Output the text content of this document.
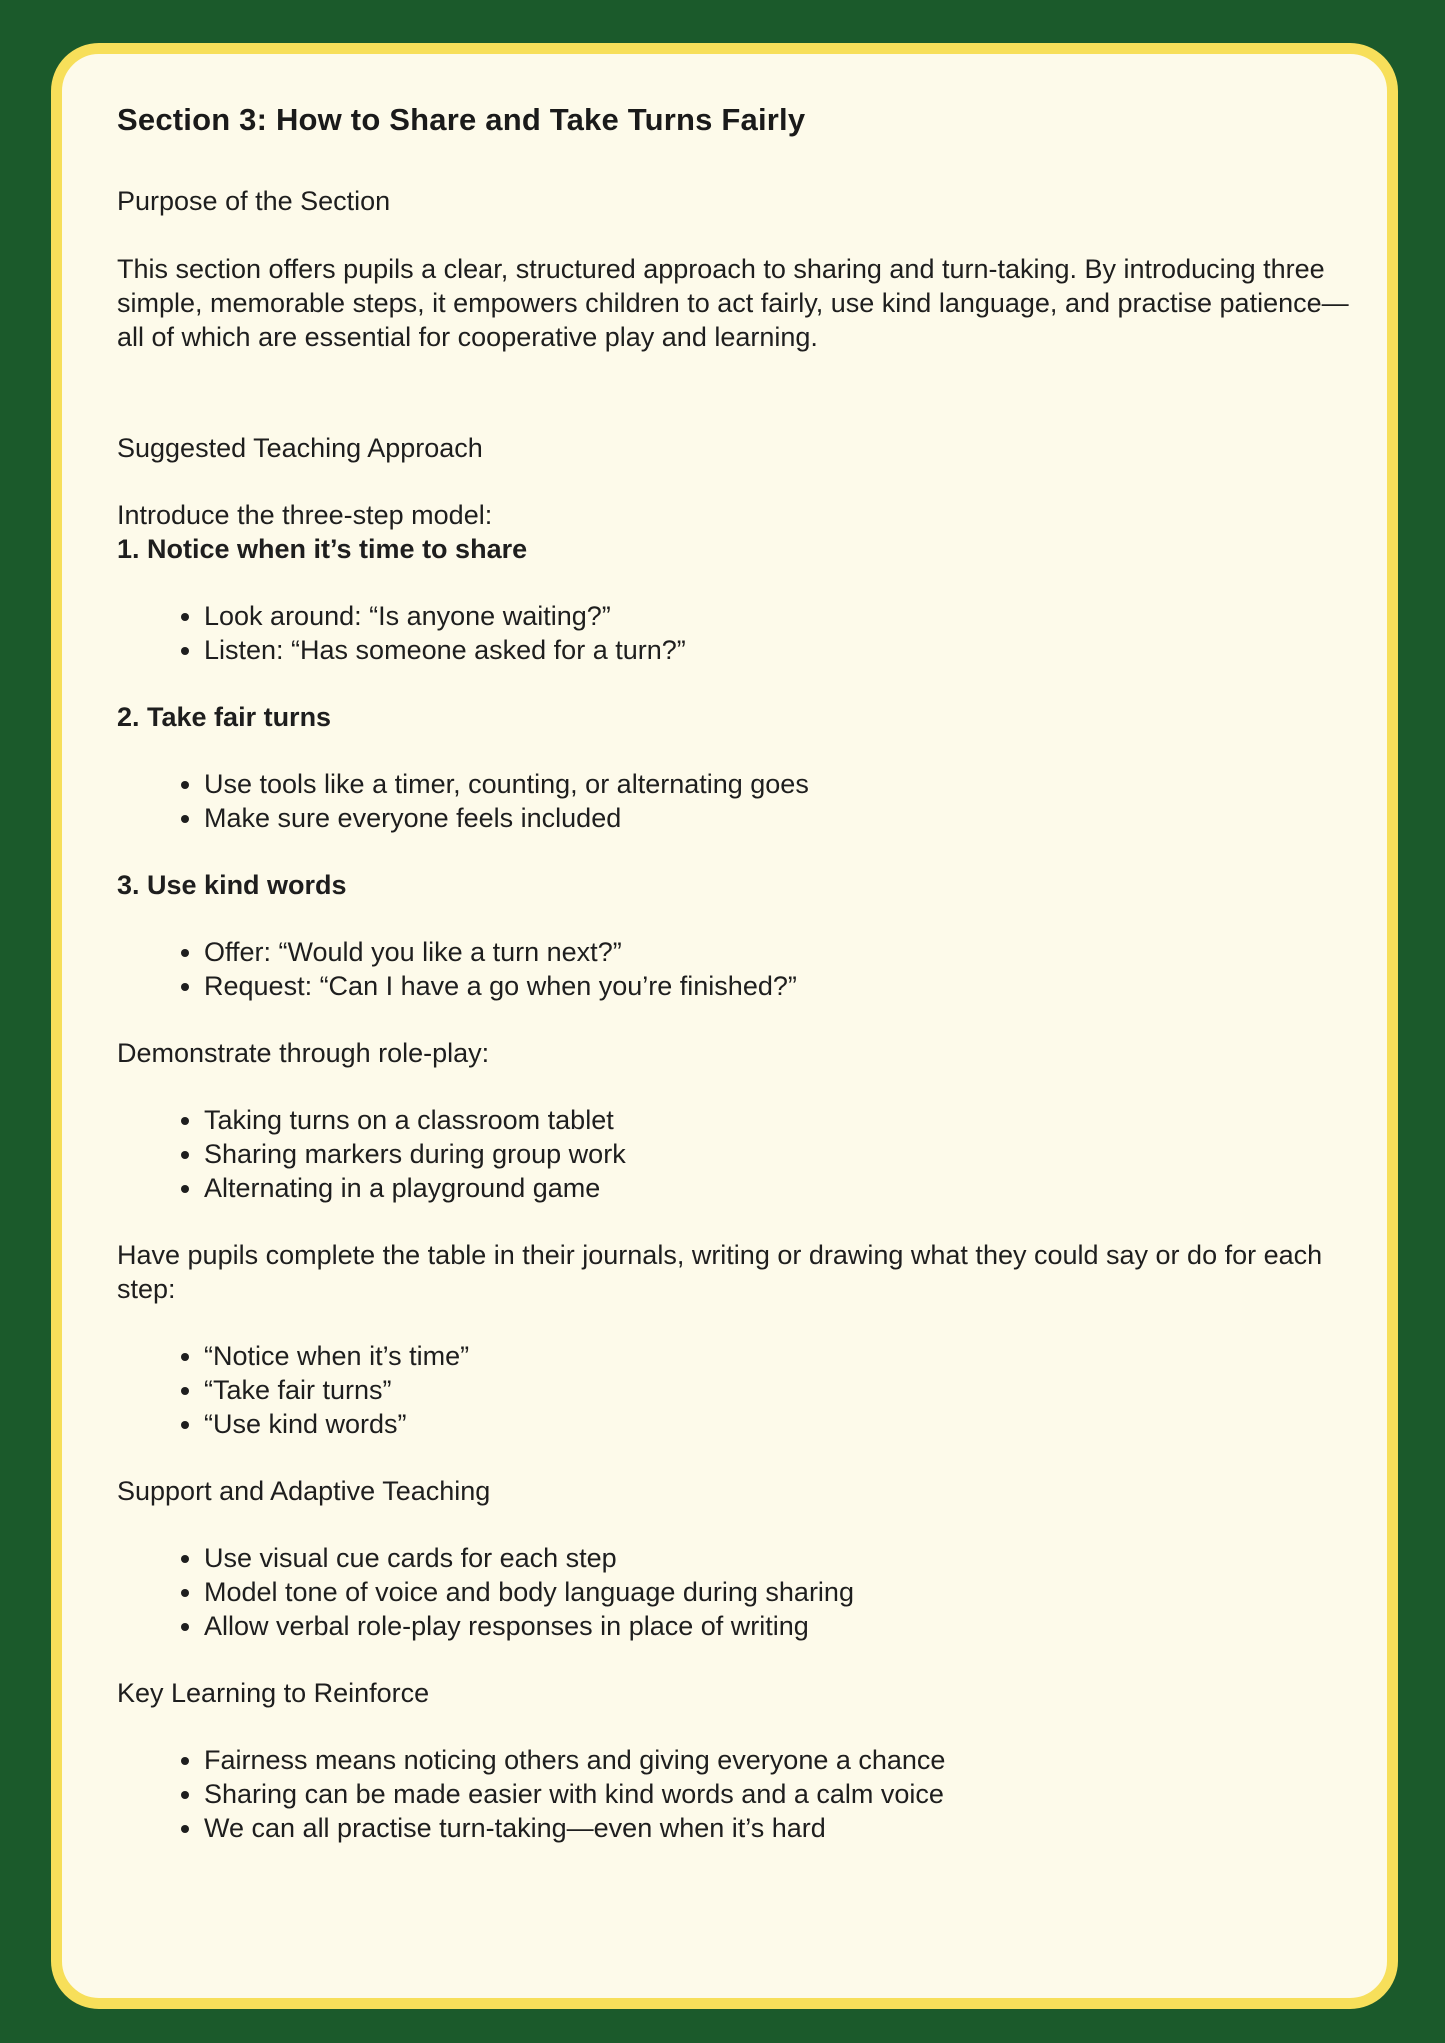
Section 3: How to Share and Take Turns Fairly

Purpose of the Section

This section offers pupils a clear, structured approach to sharing and turn-taking. By introducing three simple, memorable steps, it empowers children to act fairly, use kind language, and practise patience—all of which are essential for cooperative play and learning.

Suggested Teaching Approach

Introduce the three-step model:

1. Notice when it’s time to share

• Look around: “Is anyone waiting?”
• Listen: “Has someone asked for a turn?”

2. Take fair turns

• Use tools like a timer, counting, or alternating goes
• Make sure everyone feels included

3. Use kind words

• Offer: “Would you like a turn next?”
• Request: “Can I have a go when you’re finished?”

Demonstrate through role-play:

• Taking turns on a classroom tablet
• Sharing markers during group work
• Alternating in a playground game

Have pupils complete the table in their journals, writing or drawing what they could say or do for each step:

• “Notice when it’s time”
• “Take fair turns”
• “Use kind words”

Support and Adaptive Teaching

• Use visual cue cards for each step
• Model tone of voice and body language during sharing
• Allow verbal role-play responses in place of writing

Key Learning to Reinforce

• Fairness means noticing others and giving everyone a chance
• Sharing can be made easier with kind words and a calm voice
• We can all practise turn-taking—even when it’s hard
